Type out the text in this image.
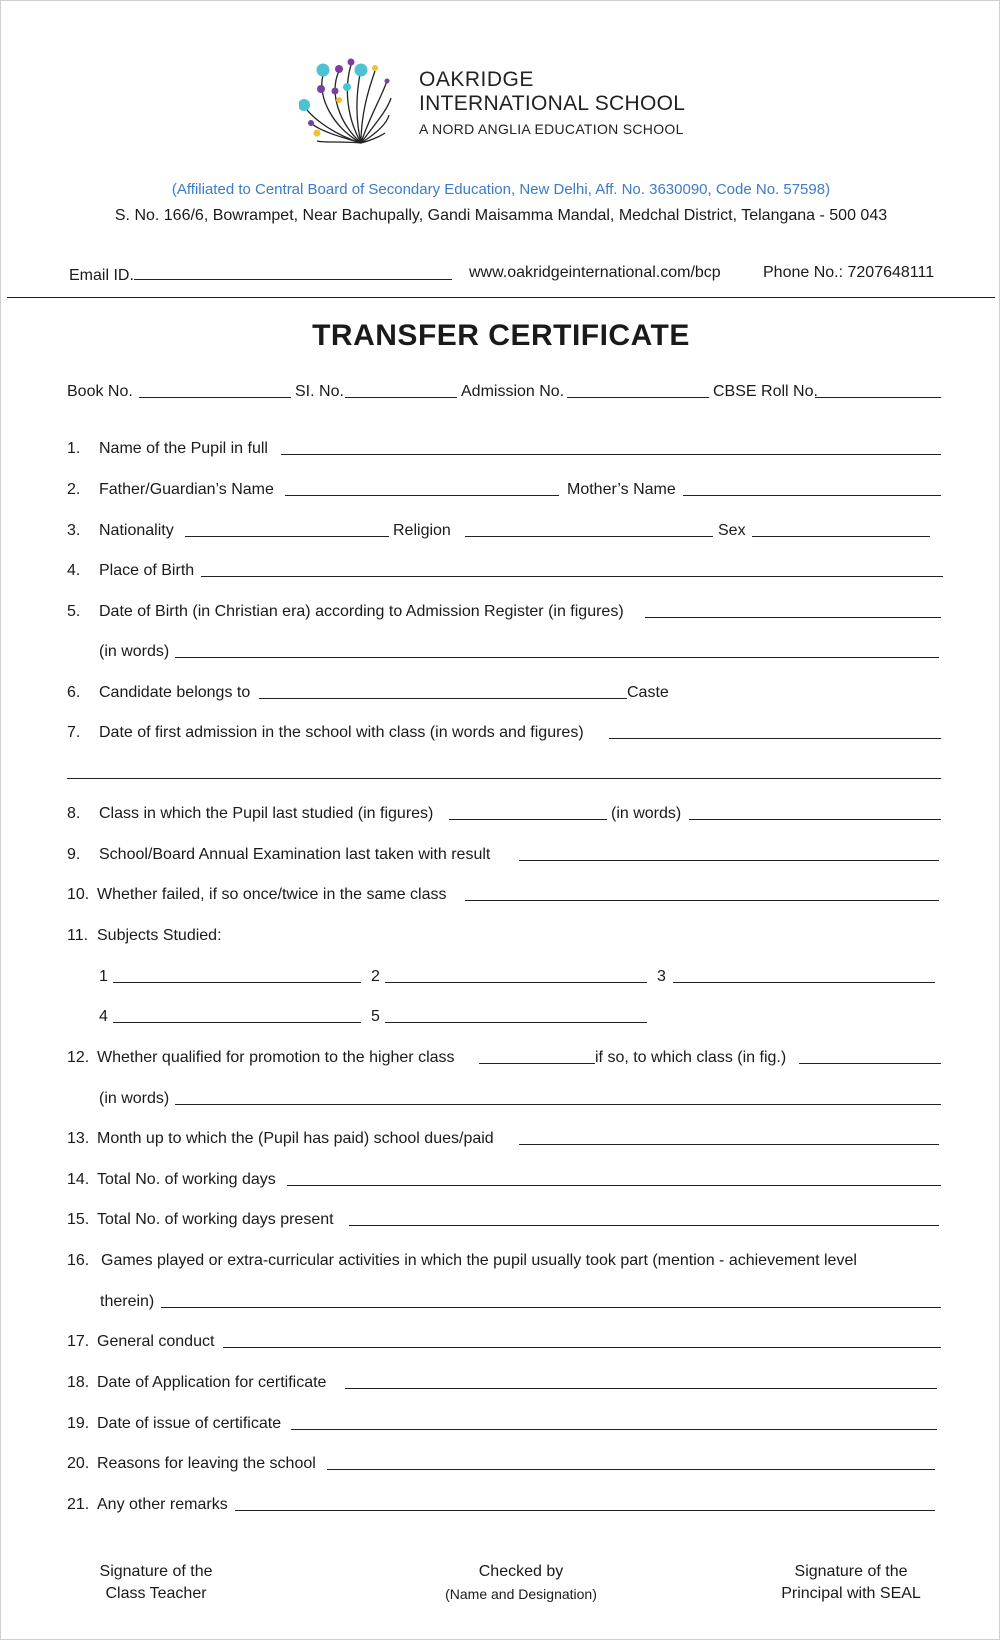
OAKRIDGE
INTERNATIONAL SCHOOL
A NORD ANGLIA EDUCATION SCHOOL
(Affiliated to Central Board of Secondary Education, New Delhi, Aff. No. 3630090, Code No. 57598)
S. No. 166/6, Bowrampet, Near Bachupally, Gandi Maisamma Mandal, Medchal District, Telangana - 500 043
Email ID.	www.oakridgeinternational.com/bcp	Phone No.: 7207648111
TRANSFER CERTIFICATE
Book No.	SI. No.	Admission No.	CBSE Roll No.
1. Name of the Pupil in full
2. Father/Guardian’s Name	Mother’s Name
3. Nationality	Religion	Sex
4. Place of Birth
5. Date of Birth (in Christian era) according to Admission Register (in figures)
(in words)
6. Candidate belongs to	Caste
7. Date of first admission in the school with class (in words and figures)
8. Class in which the Pupil last studied (in figures)	(in words)
9. School/Board Annual Examination last taken with result
10. Whether failed, if so once/twice in the same class
11. Subjects Studied:
1	2	3
4	5
12. Whether qualified for promotion to the higher class	if so, to which class (in fig.)
(in words)
13. Month up to which the (Pupil has paid) school dues/paid
14. Total No. of working days
15. Total No. of working days present
16. Games played or extra-curricular activities in which the pupil usually took part (mention - achievement level
therein)
17. General conduct
18. Date of Application for certificate
19. Date of issue of certificate
20. Reasons for leaving the school
21. Any other remarks
Signature of the
Class Teacher
Checked by
(Name and Designation)
Signature of the
Principal with SEAL
